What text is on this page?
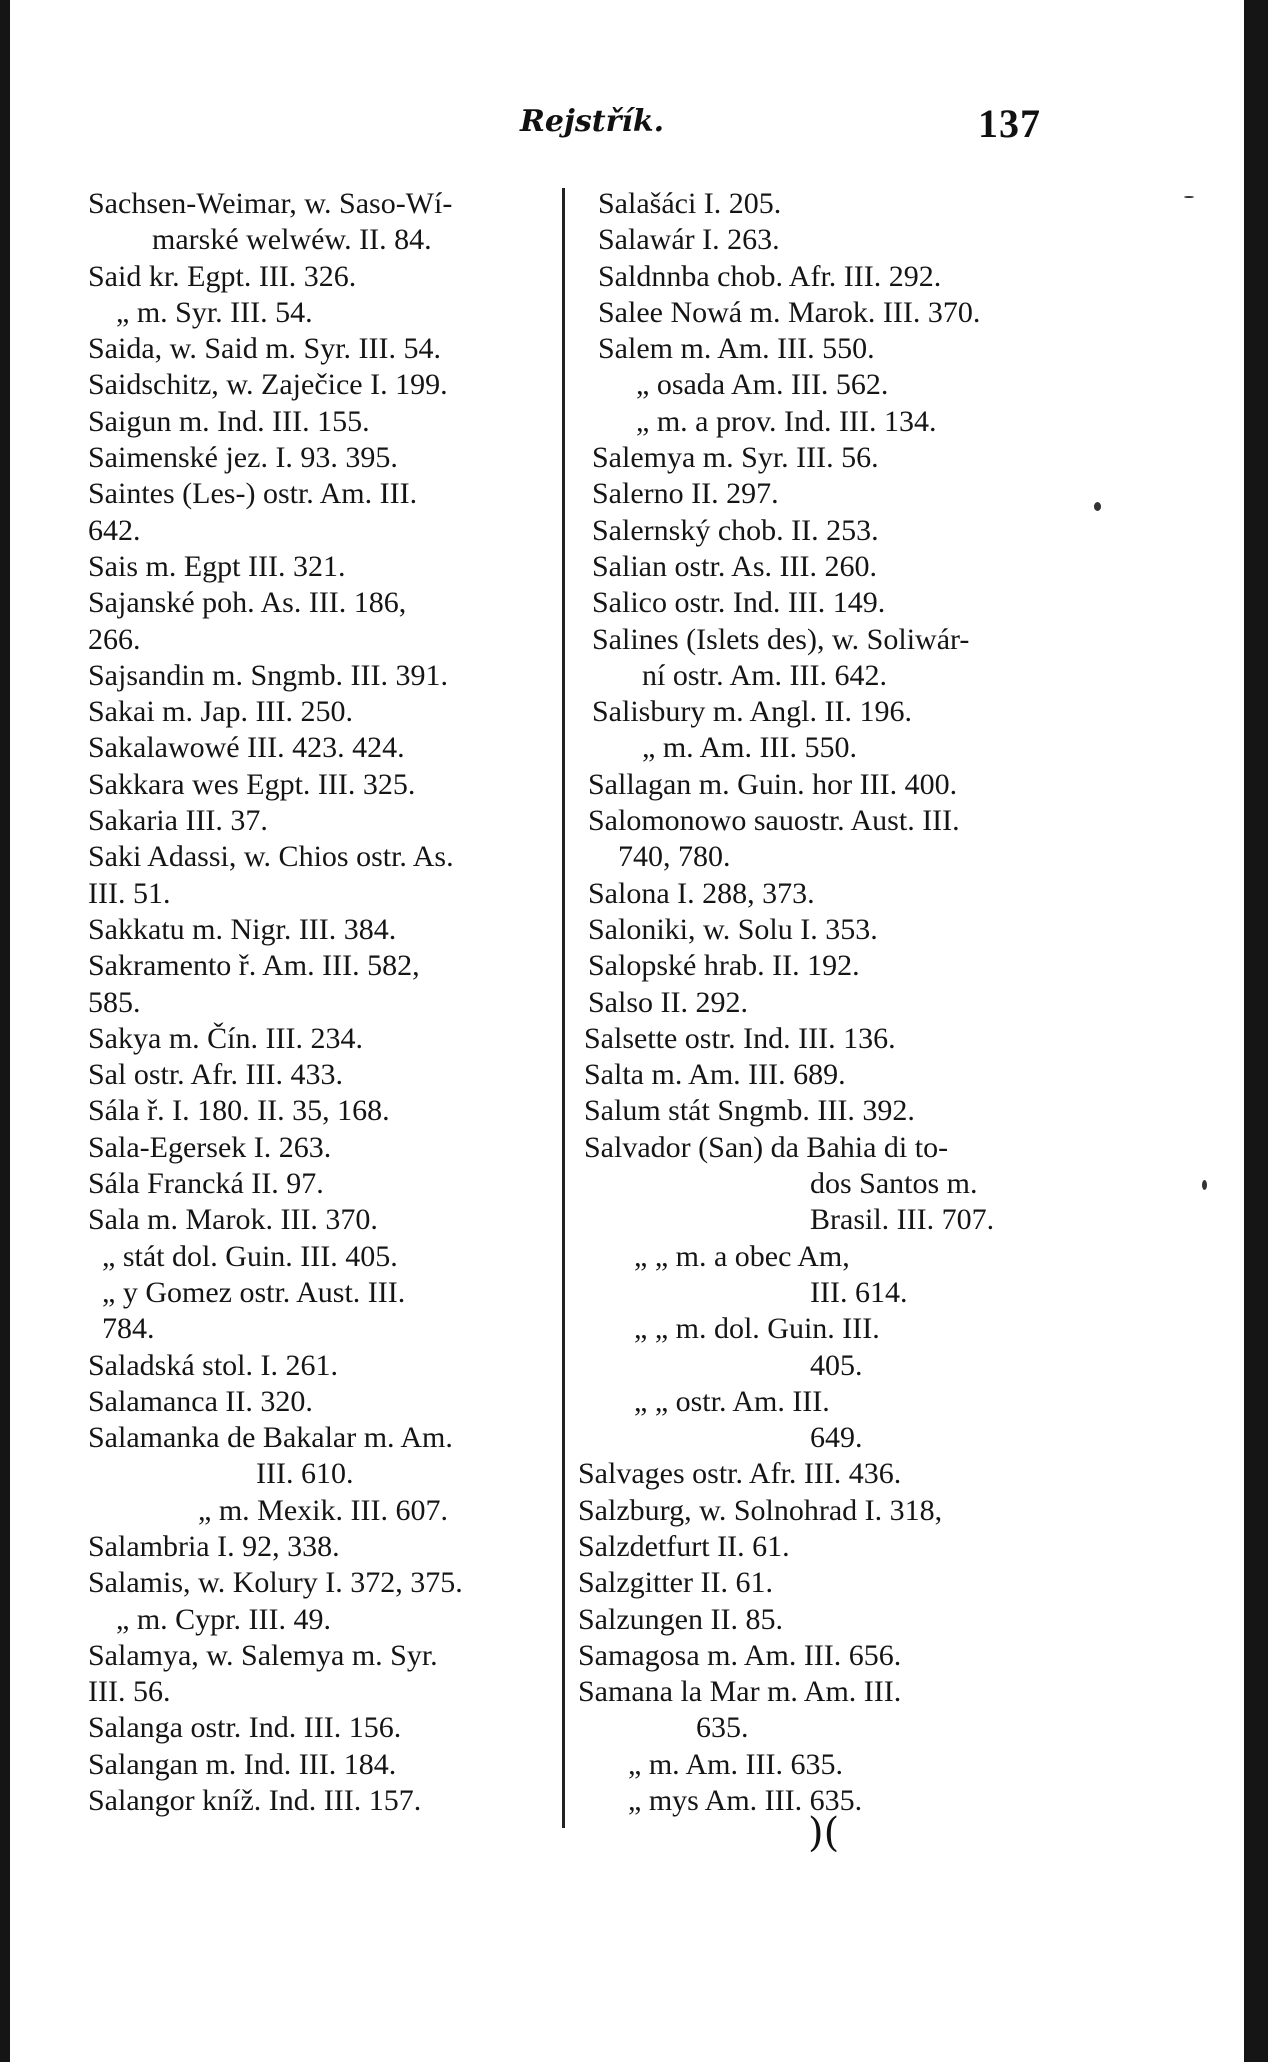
Rejstřík.	137
Sachsen-Weimar, w. Saso-Wí-
marské welwéw. II. 84.
Said kr. Egpt. III. 326.
„ m. Syr. III. 54.
Saida, w. Said m. Syr. III. 54.
Saidschitz, w. Zaječice I. 199.
Saigun m. Ind. III. 155.
Saimenské jez. I. 93. 395.
Saintes (Les-) ostr. Am. III.
642.
Sais m. Egpt III. 321.
Sajanské poh. As. III. 186,
266.
Sajsandin m. Sngmb. III. 391.
Sakai m. Jap. III. 250.
Sakalawowé III. 423. 424.
Sakkara wes Egpt. III. 325.
Sakaria III. 37.
Saki Adassi, w. Chios ostr. As.
III. 51.
Sakkatu m. Nigr. III. 384.
Sakramento ř. Am. III. 582,
585.
Sakya m. Čín. III. 234.
Sal ostr. Afr. III. 433.
Sála ř. I. 180. II. 35, 168.
Sala-Egersek I. 263.
Sála Francká II. 97.
Sala m. Marok. III. 370.
„ stát dol. Guin. III. 405.
„ y Gomez ostr. Aust. III.
784.
Saladská stol. I. 261.
Salamanca II. 320.
Salamanka de Bakalar m. Am.
III. 610.
„ m. Mexik. III. 607.
Salambria I. 92, 338.
Salamis, w. Kolury I. 372, 375.
„ m. Cypr. III. 49.
Salamya, w. Salemya m. Syr.
III. 56.
Salanga ostr. Ind. III. 156.
Salangan m. Ind. III. 184.
Salangor kníž. Ind. III. 157.
Salašáci I. 205.
Salawár I. 263.
Saldnnba chob. Afr. III. 292.
Salee Nowá m. Marok. III. 370.
Salem m. Am. III. 550.
„ osada Am. III. 562.
„ m. a prov. Ind. III. 134.
Salemya m. Syr. III. 56.
Salerno II. 297.
Salernský chob. II. 253.
Salian ostr. As. III. 260.
Salico ostr. Ind. III. 149.
Salines (Islets des), w. Soliwár-
ní ostr. Am. III. 642.
Salisbury m. Angl. II. 196.
„ m. Am. III. 550.
Sallagan m. Guin. hor III. 400.
Salomonowo sauostr. Aust. III.
740, 780.
Salona I. 288, 373.
Saloniki, w. Solu I. 353.
Salopské hrab. II. 192.
Salso II. 292.
Salsette ostr. Ind. III. 136.
Salta m. Am. III. 689.
Salum stát Sngmb. III. 392.
Salvador (San) da Bahia di to-
dos Santos m.
Brasil. III. 707.
„ „ m. a obec Am,
III. 614.
„ „ m. dol. Guin. III.
405.
„ „ ostr. Am. III.
649.
Salvages ostr. Afr. III. 436.
Salzburg, w. Solnohrad I. 318,
Salzdetfurt II. 61.
Salzgitter II. 61.
Salzungen II. 85.
Samagosa m. Am. III. 656.
Samana la Mar m. Am. III.
635.
„ m. Am. III. 635.
„ mys Am. III. 635.
)(
